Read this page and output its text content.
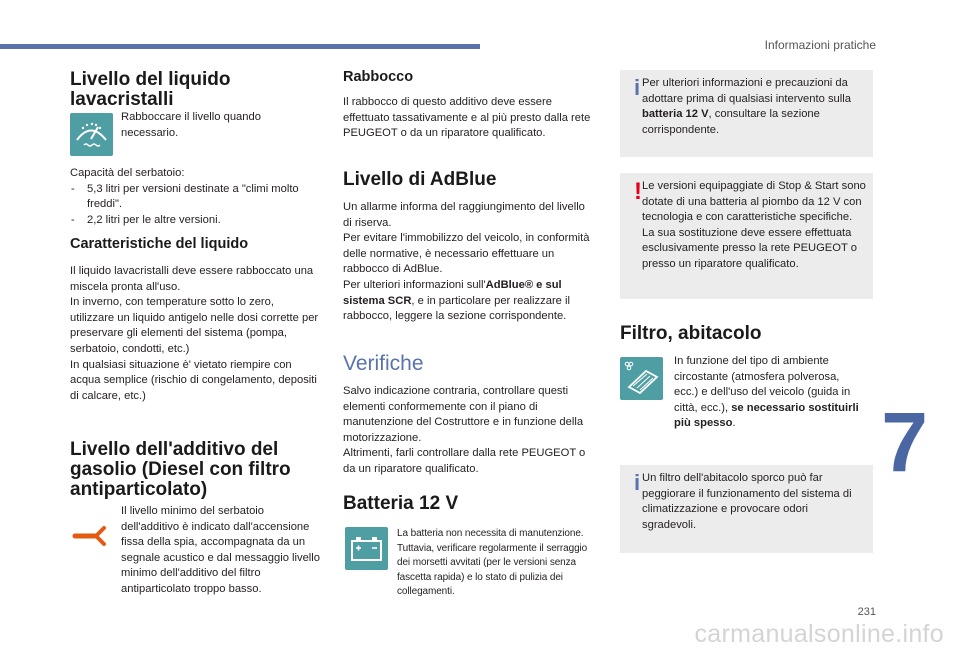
Informazioni pratiche
Livello del liquido lavacristalli
Rabboccare il livello quando necessario.
Capacità del serbatoio:
- 5,3 litri per versioni destinate a "climi molto freddi".
- 2,2 litri per le altre versioni.
Caratteristiche del liquido
Il liquido lavacristalli deve essere rabboccato una miscela pronta all'uso.
In inverno, con temperature sotto lo zero, utilizzare un liquido antigelo nelle dosi corrette per preservare gli elementi del sistema (pompa, serbatoio, condotti, etc.)
In qualsiasi situazione è' vietato riempire con acqua semplice (rischio di congelamento, depositi di calcare, etc.)
Livello dell'additivo del gasolio (Diesel con filtro antiparticolato)
Il livello minimo del serbatoio dell'additivo è indicato dall'accensione fissa della spia, accompagnata da un segnale acustico e dal messaggio livello minimo dell'additivo del filtro antiparticolato troppo basso.
Rabbocco
Il rabbocco di questo additivo deve essere effettuato tassativamente e al più presto dalla rete PEUGEOT o da un riparatore qualificato.
Livello di AdBlue
Un allarme informa del raggiungimento del livello di riserva.
Per evitare l'immobilizzo del veicolo, in conformità delle normative, è necessario effettuare un rabbocco di AdBlue.
Per ulteriori informazioni sull'AdBlue® e sul sistema SCR, e in particolare per realizzare il rabbocco, leggere la sezione corrispondente.
Verifiche
Salvo indicazione contraria, controllare questi elementi conformemente con il piano di manutenzione del Costruttore e in funzione della motorizzazione.
Altrimenti, farli controllare dalla rete PEUGEOT o da un riparatore qualificato.
Batteria 12 V
La batteria non necessita di manutenzione. Tuttavia, verificare regolarmente il serraggio dei morsetti avvitati (per le versioni senza fascetta rapida) e lo stato di pulizia dei collegamenti.
i Per ulteriori informazioni e precauzioni da adottare prima di qualsiasi intervento sulla batteria 12 V, consultare la sezione corrispondente.
! Le versioni equipaggiate di Stop & Start sono dotate di una batteria al piombo da 12 V con tecnologia e con caratteristiche specifiche.
La sua sostituzione deve essere effettuata esclusivamente presso la rete PEUGEOT o presso un riparatore qualificato.
Filtro, abitacolo
In funzione del tipo di ambiente circostante (atmosfera polverosa, ecc.) e dell'uso del veicolo (guida in città, ecc.), se necessario sostituirli più spesso.
i Un filtro dell'abitacolo sporco può far peggiorare il funzionamento del sistema di climatizzazione e provocare odori sgradevoli.
7
231
carmanualsonline.info
